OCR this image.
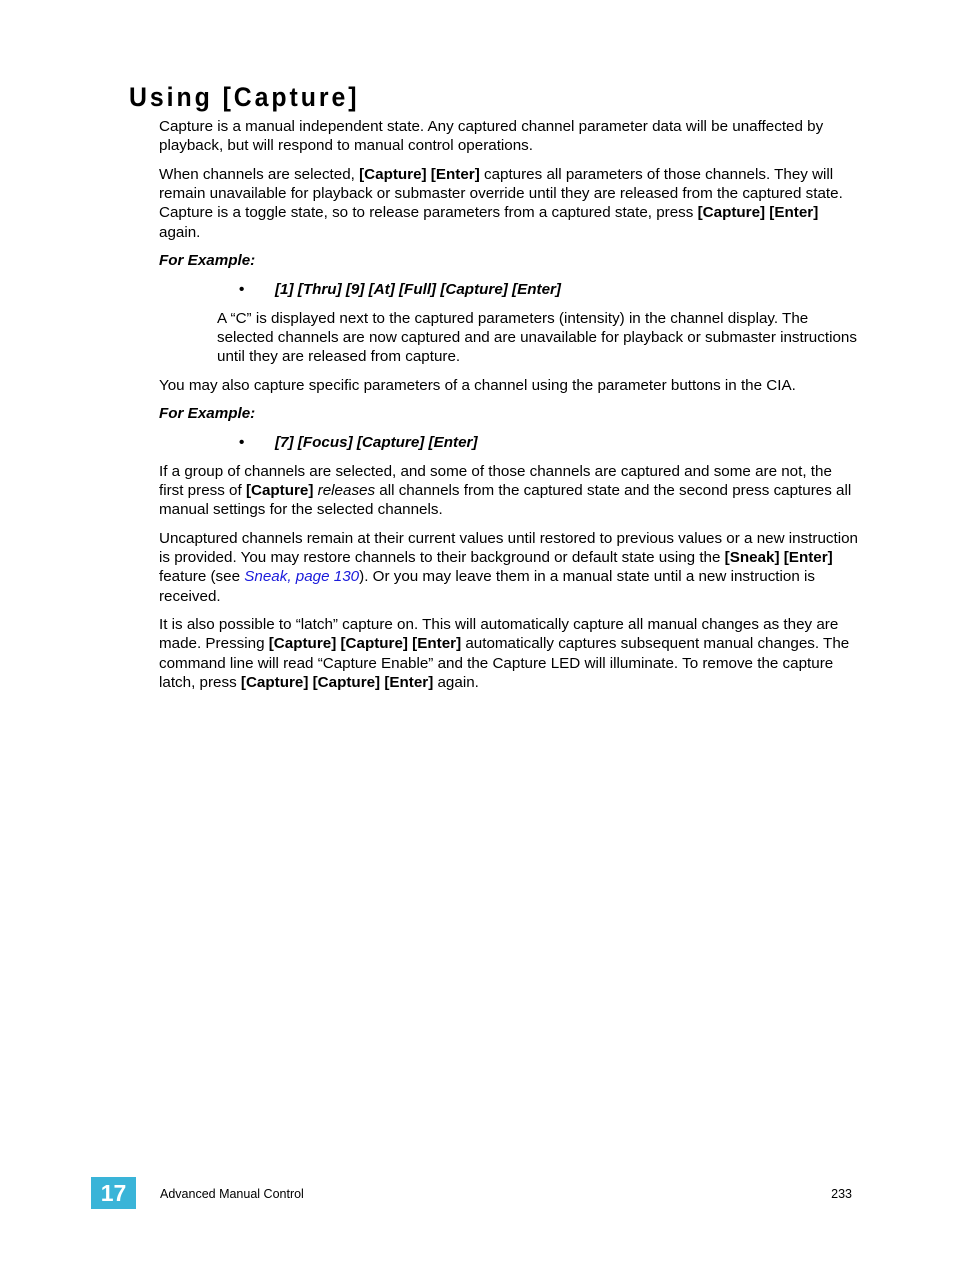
Using [Capture]

Capture is a manual independent state. Any captured channel parameter data will be unaffected by playback, but will respond to manual control operations.

When channels are selected, [Capture] [Enter] captures all parameters of those channels. They will remain unavailable for playback or submaster override until they are released from the captured state. Capture is a toggle state, so to release parameters from a captured state, press [Capture] [Enter] again.

For Example:

• [1] [Thru] [9] [At] [Full] [Capture] [Enter]

A “C” is displayed next to the captured parameters (intensity) in the channel display. The selected channels are now captured and are unavailable for playback or submaster instructions until they are released from capture.

You may also capture specific parameters of a channel using the parameter buttons in the CIA.

For Example:

• [7] [Focus] [Capture] [Enter]

If a group of channels are selected, and some of those channels are captured and some are not, the first press of [Capture] releases all channels from the captured state and the second press captures all manual settings for the selected channels.

Uncaptured channels remain at their current values until restored to previous values or a new instruction is provided. You may restore channels to their background or default state using the [Sneak] [Enter] feature (see Sneak, page 130). Or you may leave them in a manual state until a new instruction is received.

It is also possible to “latch” capture on. This will automatically capture all manual changes as they are made. Pressing [Capture] [Capture] [Enter] automatically captures subsequent manual changes. The command line will read “Capture Enable” and the Capture LED will illuminate. To remove the capture latch, press [Capture] [Capture] [Enter] again.

17	Advanced Manual Control	233
